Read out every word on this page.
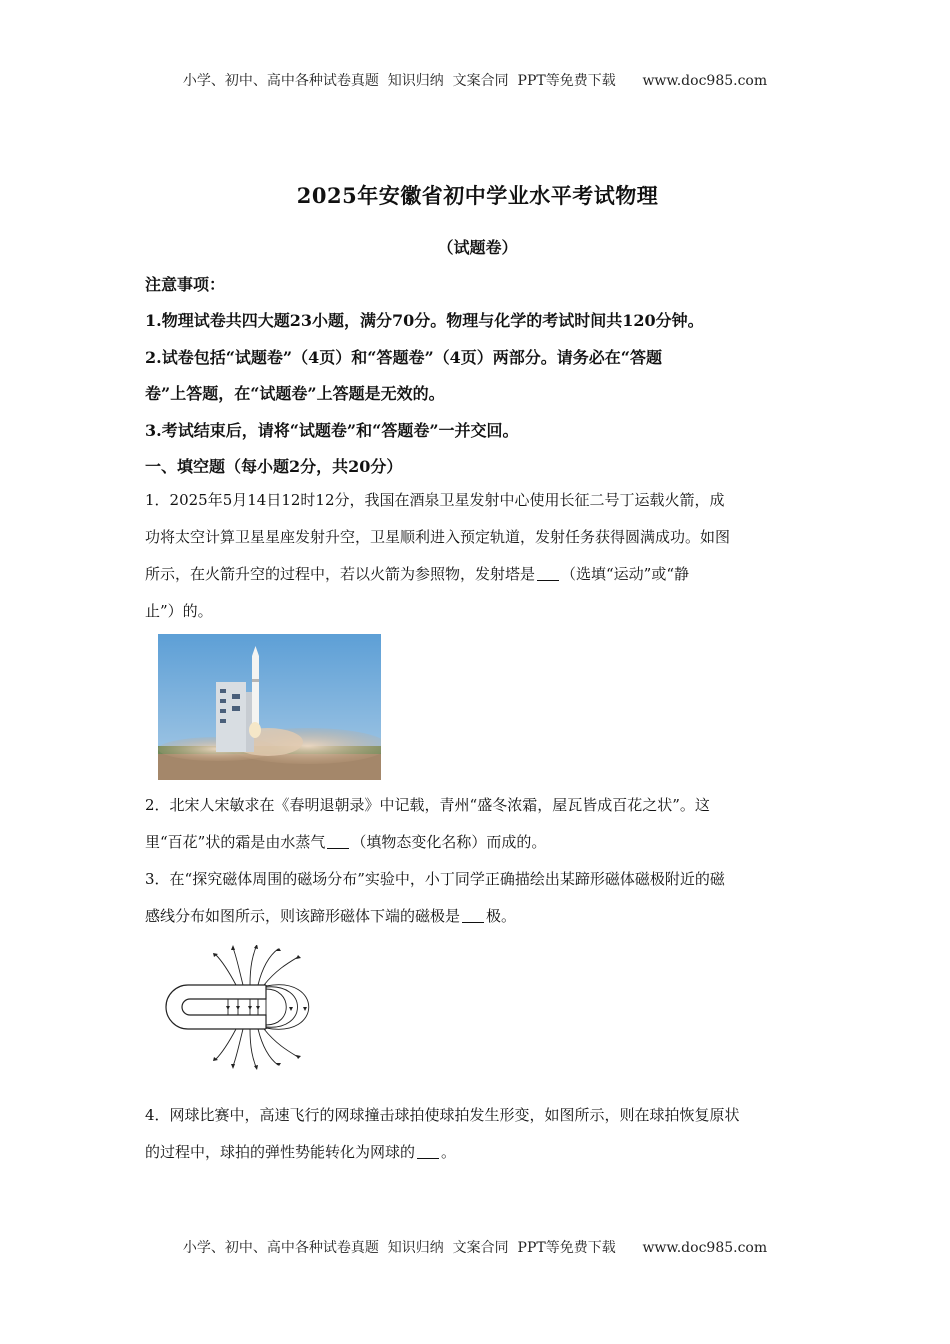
小学、初中、高中各种试卷真题  知识归纳  文案合同  PPT等免费下载      www.doc985.com
2025年安徽省初中学业水平考试物理
（试题卷）
注意事项：
1.物理试卷共四大题23小题，满分70分。物理与化学的考试时间共120分钟。
2.试卷包括“试题卷”（4页）和“答题卷”（4页）两部分。请务必在“答题
卷”上答题，在“试题卷”上答题是无效的。
3.考试结束后，请将“试题卷”和“答题卷”一并交回。
一、填空题（每小题2分，共20分）
1．2025年5月14日12时12分，我国在酒泉卫星发射中心使用长征二号丁运载火箭，成
功将太空计算卫星星座发射升空，卫星顺利进入预定轨道，发射任务获得圆满成功。如图
所示，在火箭升空的过程中，若以火箭为参照物，发射塔是 （选填“运动”或“静
止”）的。
2．北宋人宋敏求在《春明退朝录》中记载，青州“盛冬浓霜，屋瓦皆成百花之状”。这
里“百花”状的霜是由水蒸气 （填物态变化名称）而成的。
3．在“探究磁体周围的磁场分布”实验中，小丁同学正确描绘出某蹄形磁体磁极附近的磁
感线分布如图所示，则该蹄形磁体下端的磁极是 极。
4．网球比赛中，高速飞行的网球撞击球拍使球拍发生形变，如图所示，则在球拍恢复原状
的过程中，球拍的弹性势能转化为网球的 。
小学、初中、高中各种试卷真题  知识归纳  文案合同  PPT等免费下载      www.doc985.com
